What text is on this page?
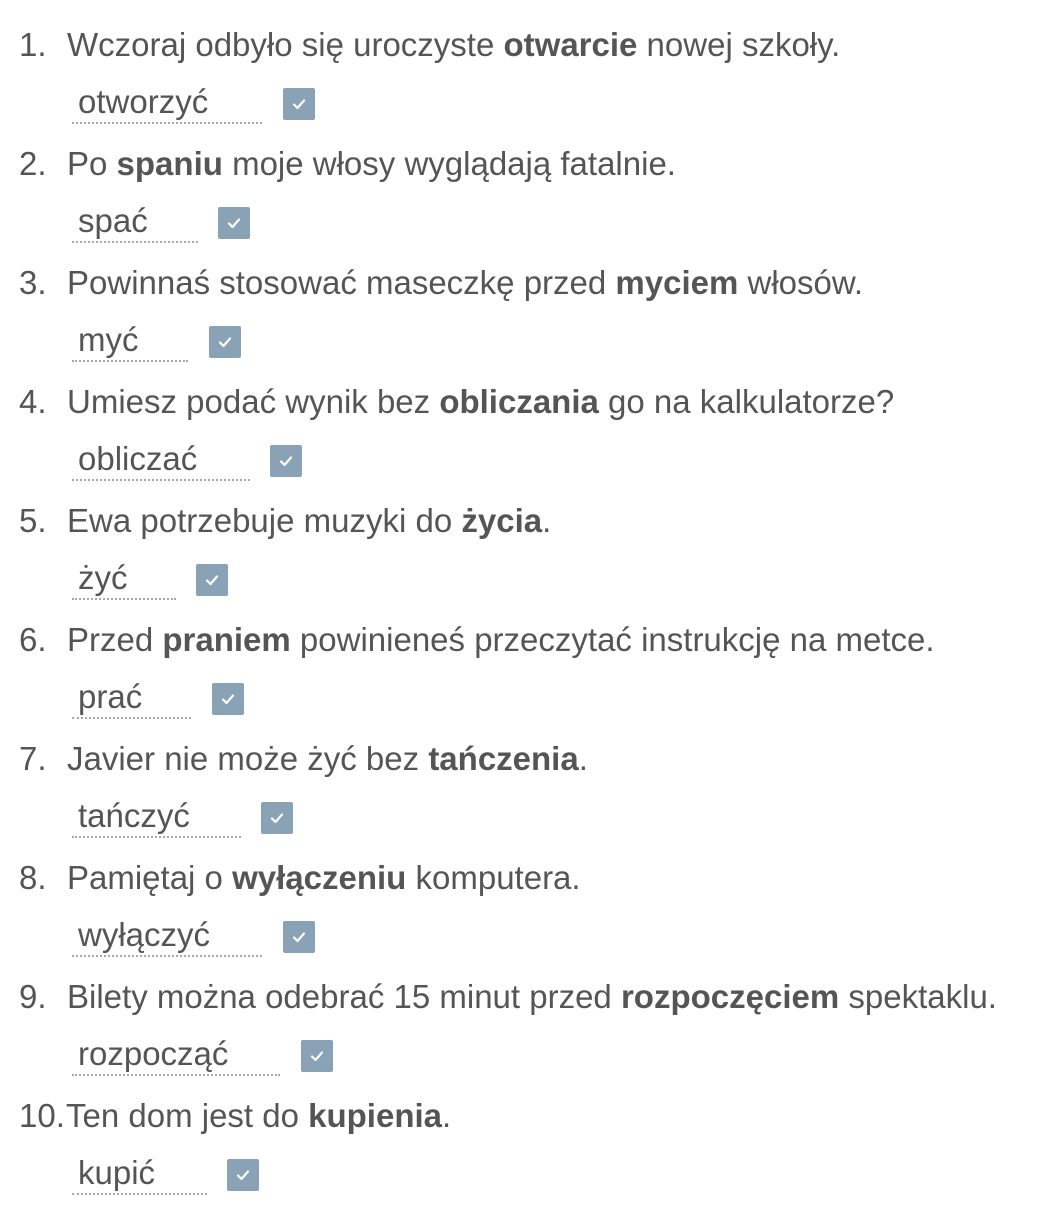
1. Wczoraj odbyło się uroczyste otwarcie nowej szkoły.
otworzyć
2. Po spaniu moje włosy wyglądają fatalnie.
spać
3. Powinnaś stosować maseczkę przed myciem włosów.
myć
4. Umiesz podać wynik bez obliczania go na kalkulatorze?
obliczać
5. Ewa potrzebuje muzyki do życia.
żyć
6. Przed praniem powinieneś przeczytać instrukcję na metce.
prać
7. Javier nie może żyć bez tańczenia.
tańczyć
8. Pamiętaj o wyłączeniu komputera.
wyłączyć
9. Bilety można odebrać 15 minut przed rozpoczęciem spektaklu.
rozpocząć
10. Ten dom jest do kupienia.
kupić
